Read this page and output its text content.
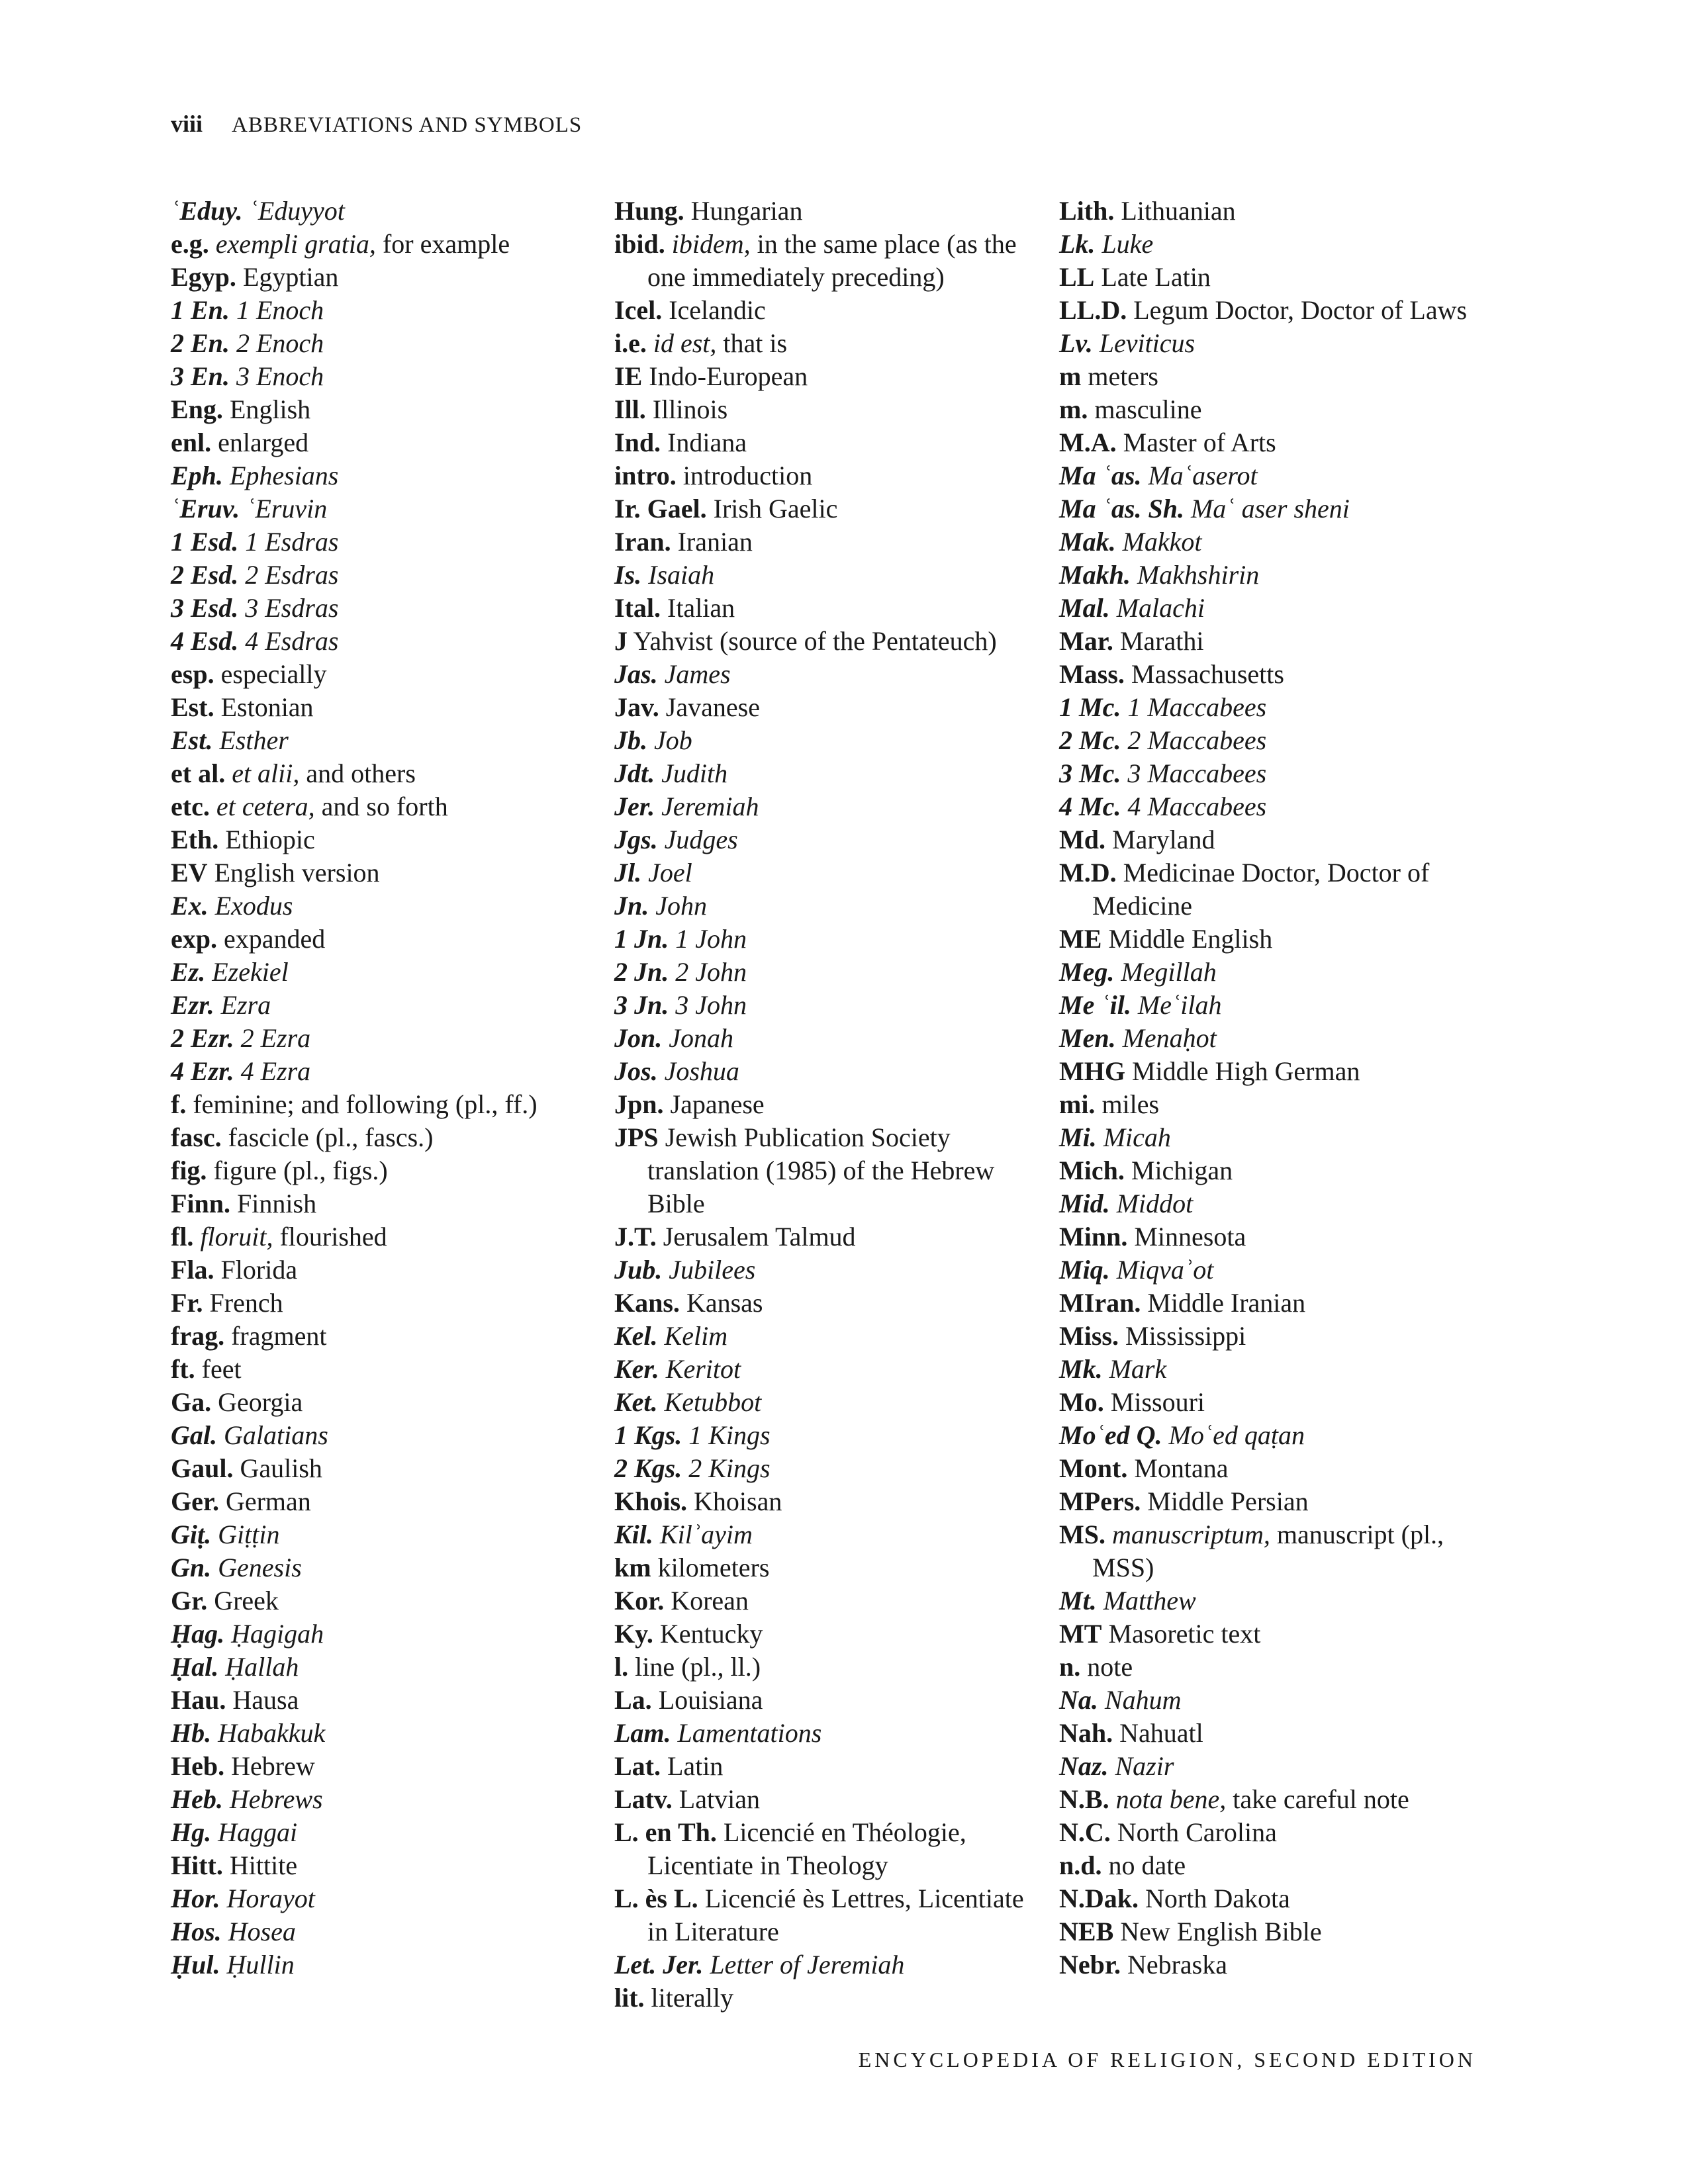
viii ABBREVIATIONS AND SYMBOLS
ʿEduy. ʿEduyyot
e.g. exempli gratia, for example
Egyp. Egyptian
1 En. 1 Enoch
2 En. 2 Enoch
3 En. 3 Enoch
Eng. English
enl. enlarged
Eph. Ephesians
ʿEruv. ʿEruvin
1 Esd. 1 Esdras
2 Esd. 2 Esdras
3 Esd. 3 Esdras
4 Esd. 4 Esdras
esp. especially
Est. Estonian
Est. Esther
et al. et alii, and others
etc. et cetera, and so forth
Eth. Ethiopic
EV English version
Ex. Exodus
exp. expanded
Ez. Ezekiel
Ezr. Ezra
2 Ezr. 2 Ezra
4 Ezr. 4 Ezra
f. feminine; and following (pl., ff.)
fasc. fascicle (pl., fascs.)
fig. figure (pl., figs.)
Finn. Finnish
fl. floruit, flourished
Fla. Florida
Fr. French
frag. fragment
ft. feet
Ga. Georgia
Gal. Galatians
Gaul. Gaulish
Ger. German
Giṭ. Giṭṭin
Gn. Genesis
Gr. Greek
Ḥag. Ḥagigah
Ḥal. Ḥallah
Hau. Hausa
Hb. Habakkuk
Heb. Hebrew
Heb. Hebrews
Hg. Haggai
Hitt. Hittite
Hor. Horayot
Hos. Hosea
Ḥul. Ḥullin
Hung. Hungarian
ibid. ibidem, in the same place (as the one immediately preceding)
Icel. Icelandic
i.e. id est, that is
IE Indo-European
Ill. Illinois
Ind. Indiana
intro. introduction
Ir. Gael. Irish Gaelic
Iran. Iranian
Is. Isaiah
Ital. Italian
J Yahvist (source of the Pentateuch)
Jas. James
Jav. Javanese
Jb. Job
Jdt. Judith
Jer. Jeremiah
Jgs. Judges
Jl. Joel
Jn. John
1 Jn. 1 John
2 Jn. 2 John
3 Jn. 3 John
Jon. Jonah
Jos. Joshua
Jpn. Japanese
JPS Jewish Publication Society translation (1985) of the Hebrew Bible
J.T. Jerusalem Talmud
Jub. Jubilees
Kans. Kansas
Kel. Kelim
Ker. Keritot
Ket. Ketubbot
1 Kgs. 1 Kings
2 Kgs. 2 Kings
Khois. Khoisan
Kil. Kilʾayim
km kilometers
Kor. Korean
Ky. Kentucky
l. line (pl., ll.)
La. Louisiana
Lam. Lamentations
Lat. Latin
Latv. Latvian
L. en Th. Licencié en Théologie, Licentiate in Theology
L. ès L. Licencié ès Lettres, Licentiate in Literature
Let. Jer. Letter of Jeremiah
lit. literally
Lith. Lithuanian
Lk. Luke
LL Late Latin
LL.D. Legum Doctor, Doctor of Laws
Lv. Leviticus
m meters
m. masculine
M.A. Master of Arts
Ma ʿas. Maʿaserot
Ma ʿas. Sh. Maʿ aser sheni
Mak. Makkot
Makh. Makhshirin
Mal. Malachi
Mar. Marathi
Mass. Massachusetts
1 Mc. 1 Maccabees
2 Mc. 2 Maccabees
3 Mc. 3 Maccabees
4 Mc. 4 Maccabees
Md. Maryland
M.D. Medicinae Doctor, Doctor of Medicine
ME Middle English
Meg. Megillah
Me ʿil. Meʿilah
Men. Menaḥot
MHG Middle High German
mi. miles
Mi. Micah
Mich. Michigan
Mid. Middot
Minn. Minnesota
Miq. Miqvaʾot
MIran. Middle Iranian
Miss. Mississippi
Mk. Mark
Mo. Missouri
Moʿed Q. Moʿed qaṭan
Mont. Montana
MPers. Middle Persian
MS. manuscriptum, manuscript (pl., MSS)
Mt. Matthew
MT Masoretic text
n. note
Na. Nahum
Nah. Nahuatl
Naz. Nazir
N.B. nota bene, take careful note
N.C. North Carolina
n.d. no date
N.Dak. North Dakota
NEB New English Bible
Nebr. Nebraska
ENCYCLOPEDIA OF RELIGION, SECOND EDITION
